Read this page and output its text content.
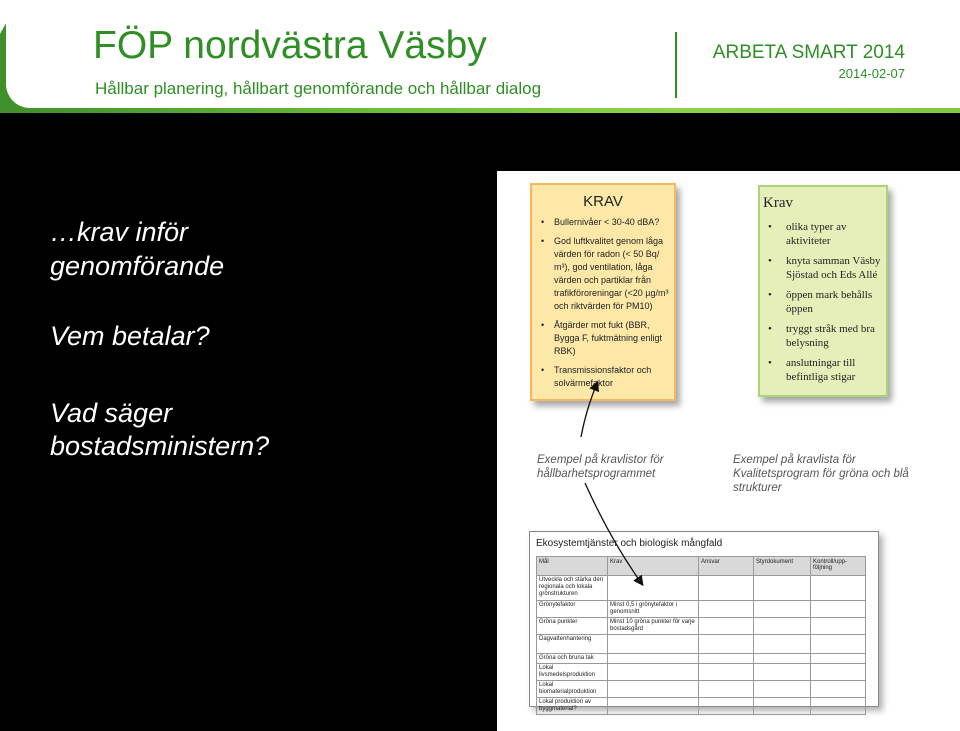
FÖP nordvästra Väsby
Hållbar planering, hållbart genomförande och hållbar dialog
ARBETA SMART 2014
2014-02-07
…krav inför
genomförande
Vem betalar?
Vad säger
bostadsministern?
KRAV
• Bullernivåer < 30-40 dBA?
• God luftkvalitet genom låga värden för radon (< 50 Bq/ m³), god ventilation, låga värden och partiklar från trafikföroreningar (<20 µg/m³ och riktvärden för PM10)
• Åtgärder mot fukt (BBR, Bygga F, fuktmätning enligt RBK)
• Transmissionsfaktor och solvärmefaktor
Krav
• olika typer av aktiviteter
• knyta samman Väsby Sjöstad och Eds Allé
• öppen mark behålls öppen
• tryggt stråk med bra belysning
• anslutningar till befintliga stigar
Exempel på kravlistor för
hållbarhetsprogrammet
Exempel på kravlista för
Kvalitetsprogram för gröna och blå
strukturer
Ekosystemtjänster och biologisk mångfald
Mål	Krav	Ansvar	Styrdokument	Kontroll/upp-följning
Utveckla och stärka den regionala och lokala grönstrukturen				
Grönytefaktor	Minst 0,5 i grönytefaktor i genomsnitt			
Gröna punkter	Minst 10 gröna punkter för varje bostadsgård			
Dagvattenhantering				
Gröna och bruna tak				
Lokal livsmedelsproduktion				
Lokal biomaterialproduktion				
Lokal produktion av byggmaterial?				
